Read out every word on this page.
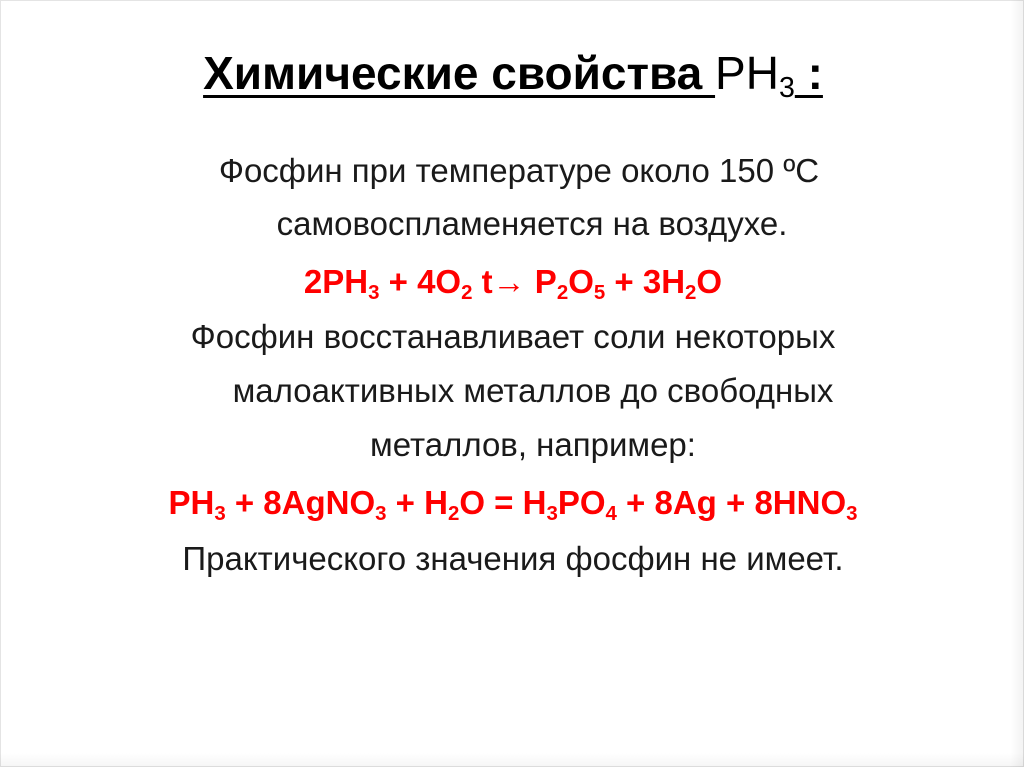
Химические свойства $PH_3$ :
Фосфин при температуре около 150 ºС
самовоспламеняется на воздухе.
$2PH_3 + 4O_2$ $t\to P_2O_5 + 3H_2O$
Фосфин восстанавливает соли некоторых
малоактивных металлов до свободных
металлов, например:
$PH_3$ + 8AgNO$_3$ + $H_2O = H_3PO_4 + 8Ag + 8HNO_3$
Практического значения фосфин не имеет.
